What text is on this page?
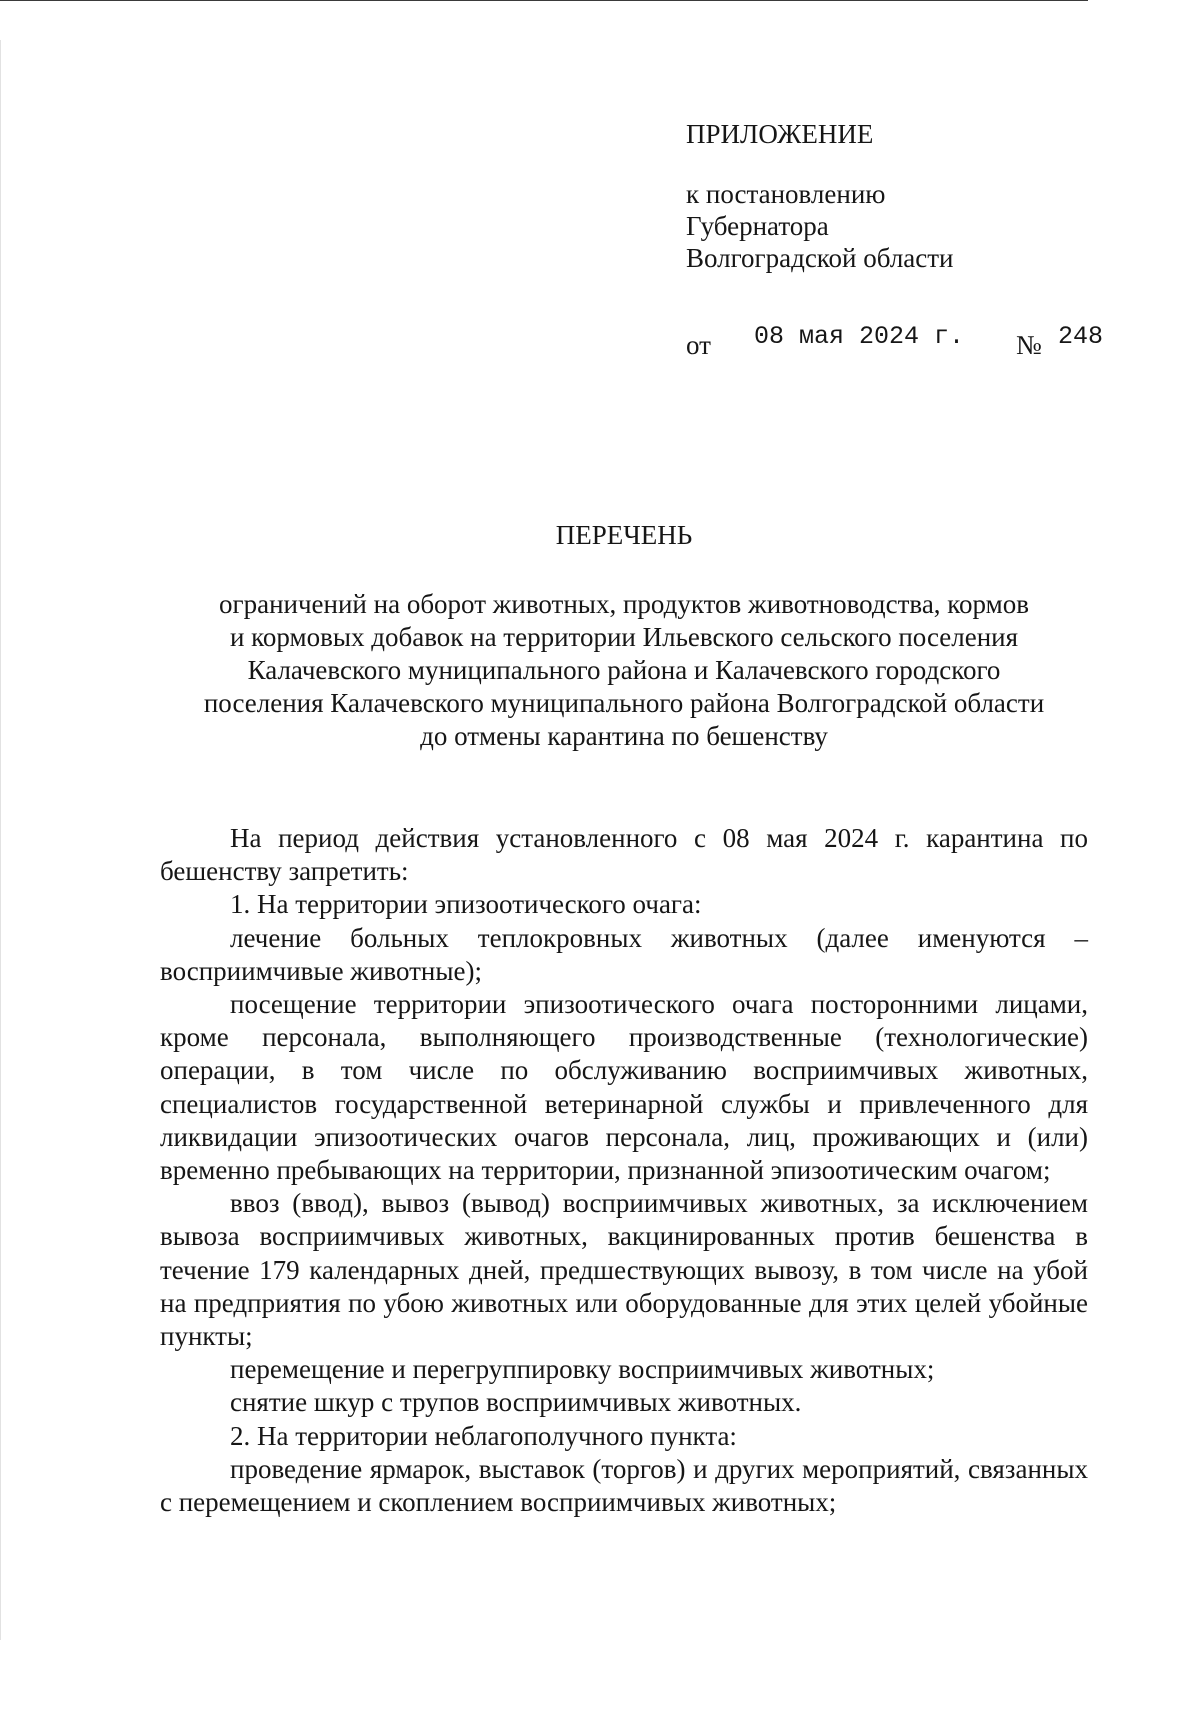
ПРИЛОЖЕНИЕ
к постановлению
Губернатора
Волгоградской области
от 08 мая 2024 г. № 248
ПЕРЕЧЕНЬ
ограничений на оборот животных, продуктов животноводства, кормов
и кормовых добавок на территории Ильевского сельского поселения
Калачевского муниципального района и Калачевского городского
поселения Калачевского муниципального района Волгоградской области
до отмены карантина по бешенству

На период действия установленного с 08 мая 2024 г. карантина по бешенству запретить:

1. На территории эпизоотического очага:

лечение больных теплокровных животных (далее именуются – восприимчивые животные);

посещение территории эпизоотического очага посторонними лицами, кроме персонала, выполняющего производственные (технологические) операции, в том числе по обслуживанию восприимчивых животных, специалистов государственной ветеринарной службы и привлеченного для ликвидации эпизоотических очагов персонала, лиц, проживающих и (или) временно пребывающих на территории, признанной эпизоотическим очагом;

ввоз (ввод), вывоз (вывод) восприимчивых животных, за исключением вывоза восприимчивых животных, вакцинированных против бешенства в течение 179 календарных дней, предшествующих вывозу, в том числе на убой на предприятия по убою животных или оборудованные для этих целей убойные пункты;

перемещение и перегруппировку восприимчивых животных;

снятие шкур с трупов восприимчивых животных.

2. На территории неблагополучного пункта:

проведение ярмарок, выставок (торгов) и других мероприятий, связанных с перемещением и скоплением восприимчивых животных;
